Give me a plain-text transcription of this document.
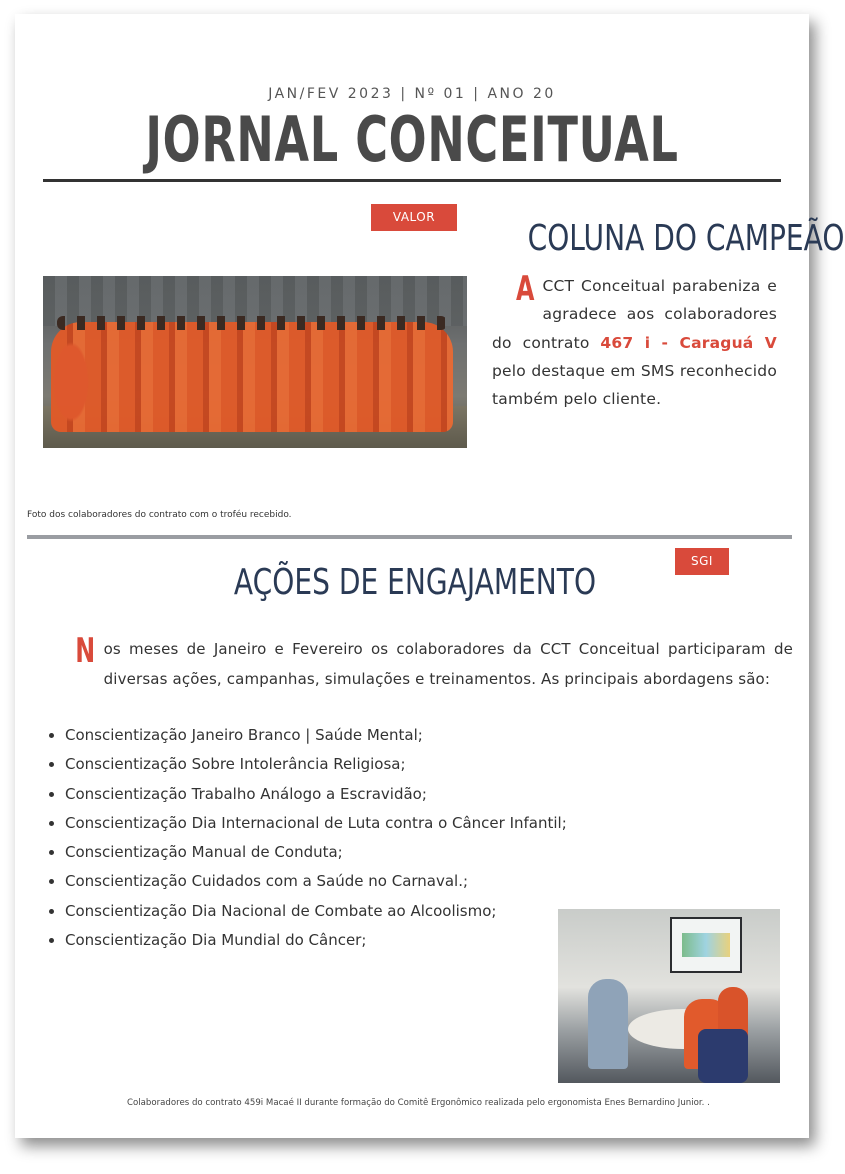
JAN/FEV 2023 | Nº 01 | ANO 20
JORNAL CONCEITUAL
VALOR
COLUNA DO CAMPEÃO
ACCT Conceitual parabeniza e agradece aos colaboradores do contrato 467 i - Caraguá V pelo destaque em SMS reconhecido também pelo cliente.
Foto dos colaboradores do contrato com o troféu recebido.
SGI
AÇÕES DE ENGAJAMENTO
Nos meses de Janeiro e Fevereiro os colaboradores da CCT Conceitual participaram de diversas ações, campanhas, simulações e treinamentos. As principais abordagens são:
• Conscientização Janeiro Branco | Saúde Mental;
• Conscientização Sobre Intolerância Religiosa;
• Conscientização Trabalho Análogo a Escravidão;
• Conscientização Dia Internacional de Luta contra o Câncer Infantil;
• Conscientização Manual de Conduta;
• Conscientização Cuidados com a Saúde no Carnaval.;
• Conscientização Dia Nacional de Combate ao Alcoolismo;
• Conscientização Dia Mundial do Câncer;
Colaboradores do contrato 459i Macaé II durante formação do Comitê Ergonômico realizada pelo ergonomista Enes Bernardino Junior. .
